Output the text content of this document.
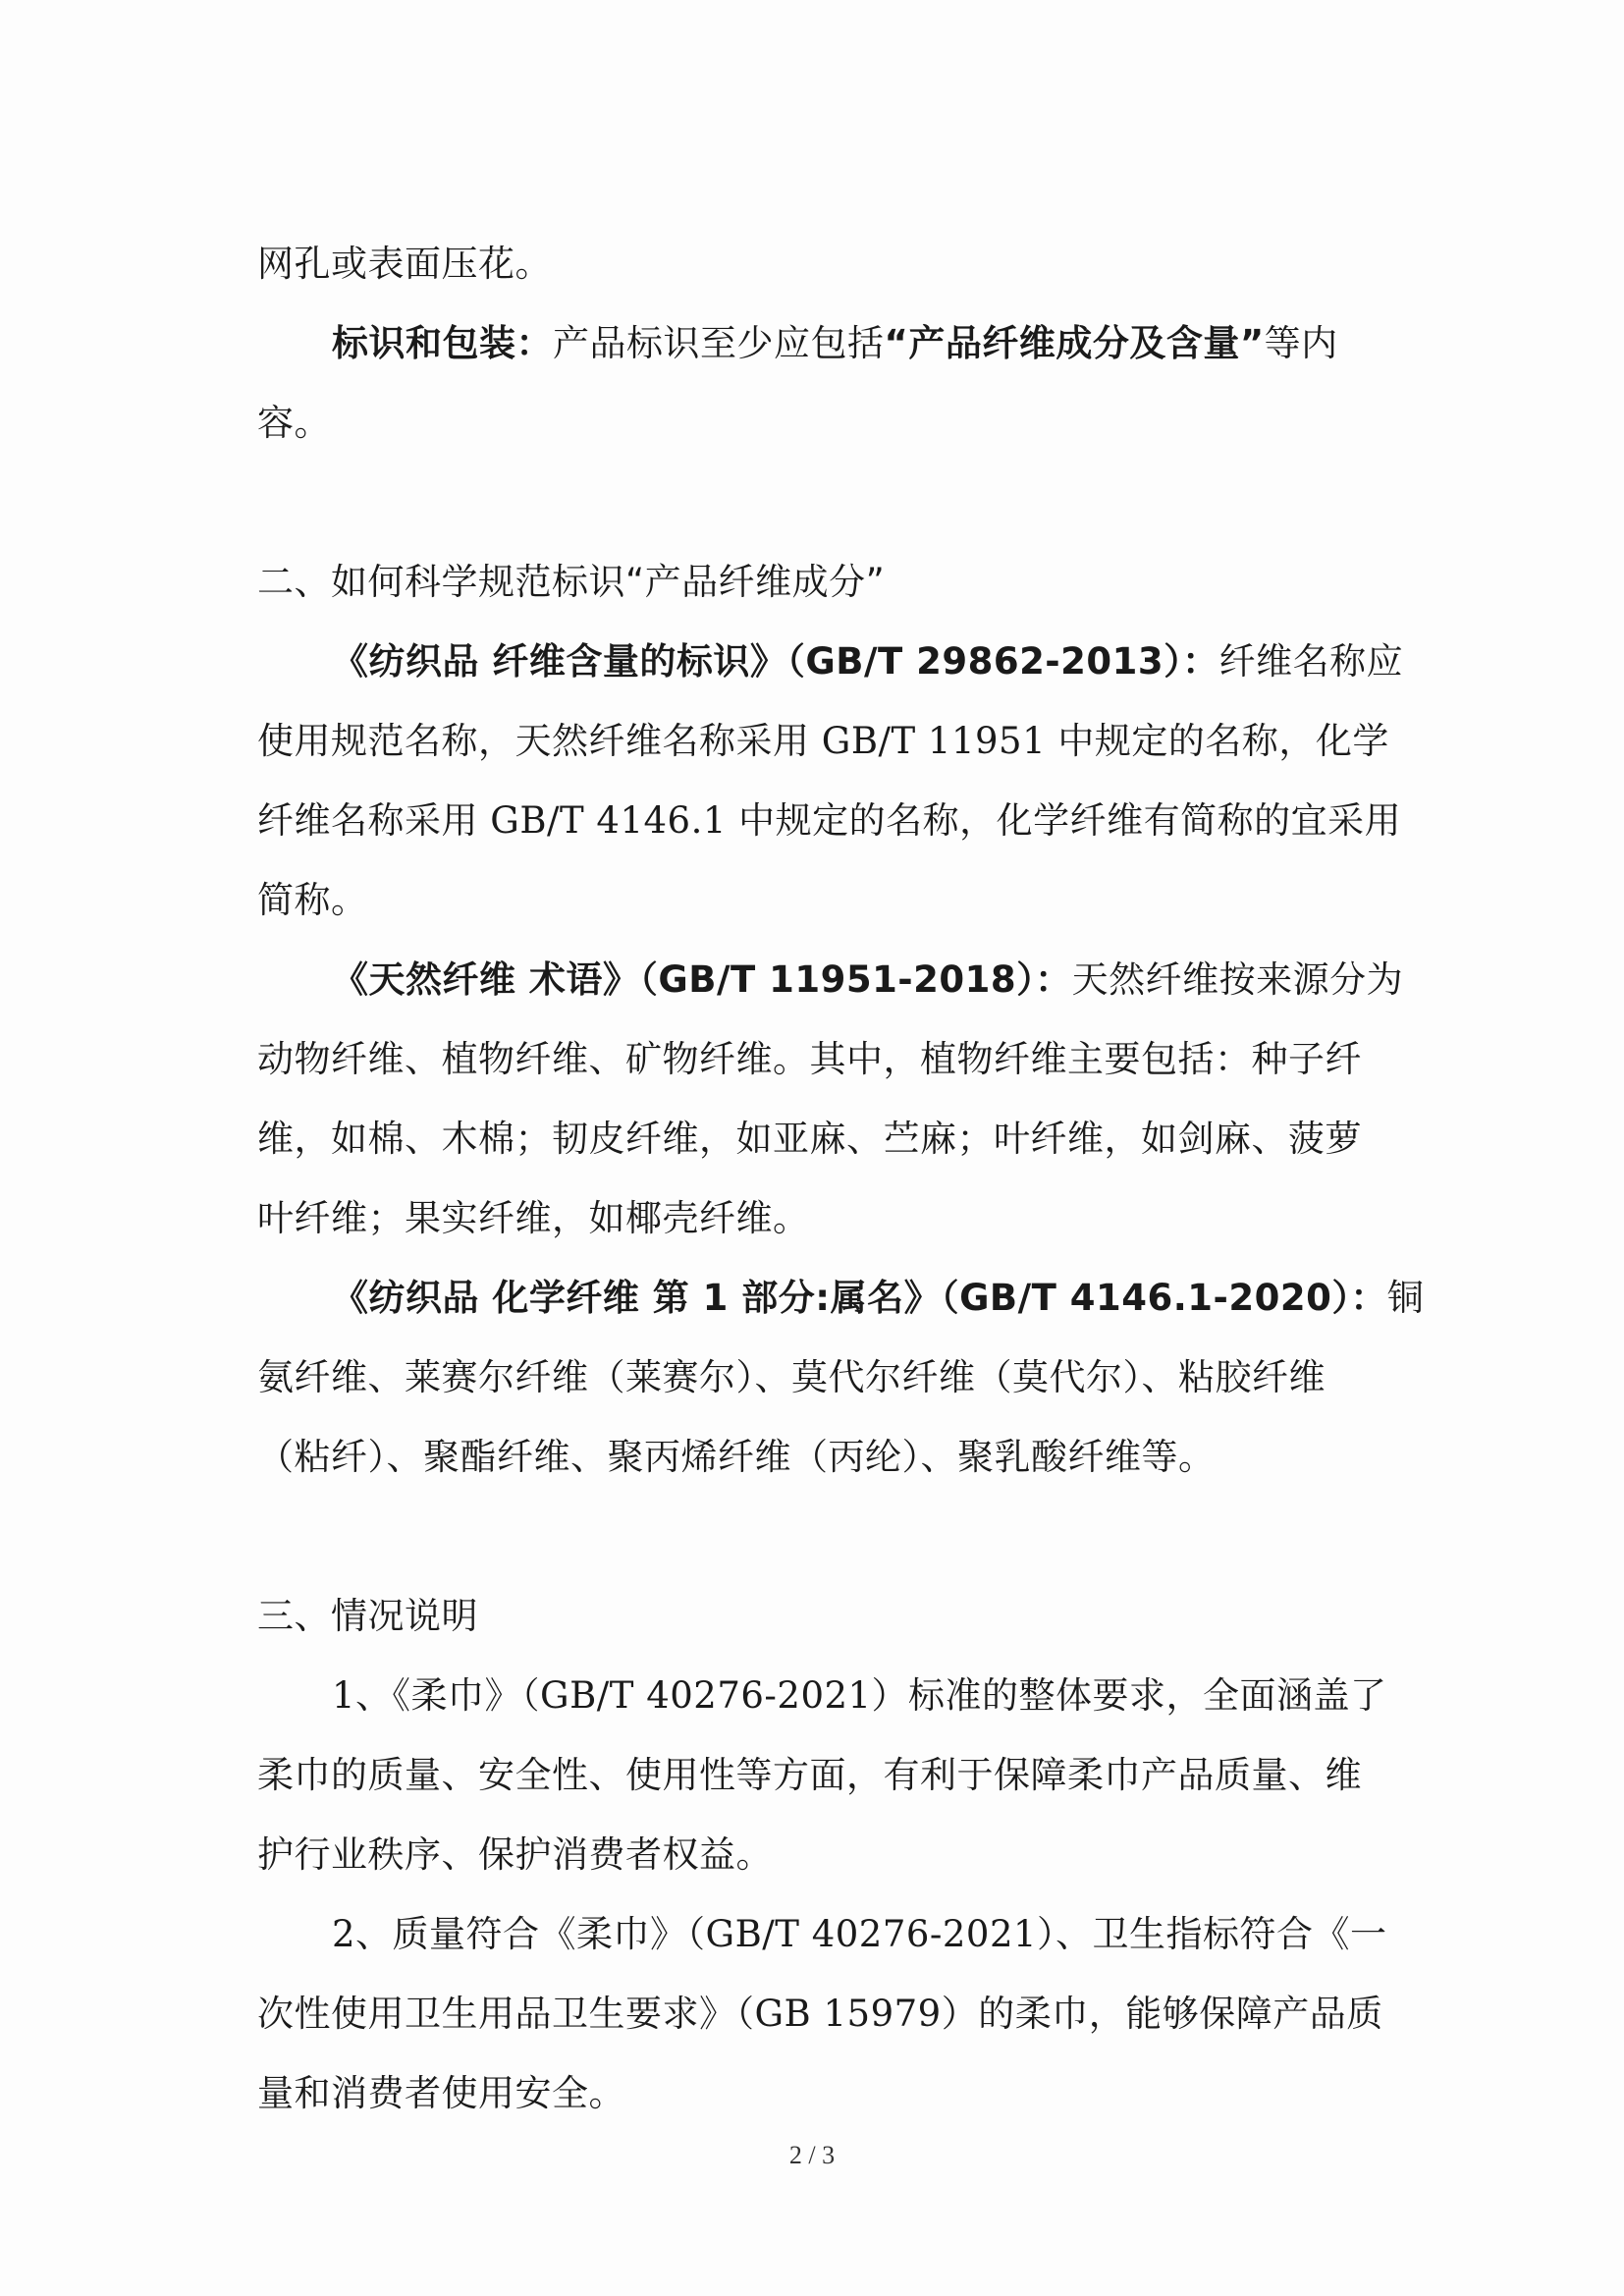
网孔或表面压花。
标识和包装：产品标识至少应包括“产品纤维成分及含量”等内
容。
二、如何科学规范标识“产品纤维成分”
《纺织品 纤维含量的标识》（GB/T 29862-2013）：纤维名称应
使用规范名称，天然纤维名称采用 GB/T 11951 中规定的名称，化学
纤维名称采用 GB/T 4146.1 中规定的名称，化学纤维有简称的宜采用
简称。
《天然纤维 术语》（GB/T 11951-2018）：天然纤维按来源分为
动物纤维、植物纤维、矿物纤维。其中，植物纤维主要包括：种子纤
维，如棉、木棉；韧皮纤维，如亚麻、苎麻；叶纤维，如剑麻、菠萝
叶纤维；果实纤维，如椰壳纤维。
《纺织品 化学纤维 第 1 部分:属名》（GB/T 4146.1-2020）：铜
氨纤维、莱赛尔纤维（莱赛尔）、莫代尔纤维（莫代尔）、粘胶纤维
（粘纤）、聚酯纤维、聚丙烯纤维（丙纶）、聚乳酸纤维等。
三、情况说明
1、《柔巾》（GB/T 40276-2021）标准的整体要求，全面涵盖了
柔巾的质量、安全性、使用性等方面，有利于保障柔巾产品质量、维
护行业秩序、保护消费者权益。
2、质量符合《柔巾》（GB/T 40276-2021）、卫生指标符合《一
次性使用卫生用品卫生要求》（GB 15979）的柔巾，能够保障产品质
量和消费者使用安全。
2 / 3
